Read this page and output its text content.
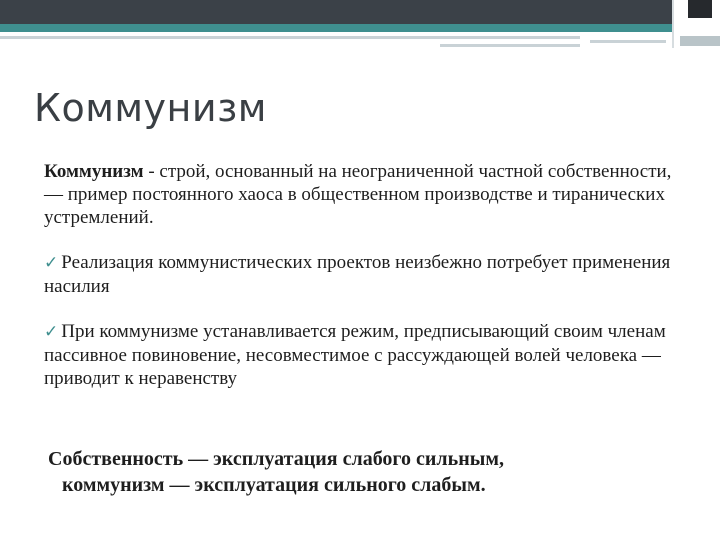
Коммунизм

Коммунизм - строй, основанный на неограниченной частной собственности, — пример постоянного хаоса в общественном производстве и тиранических устремлений.

✓ Реализация коммунистических проектов неизбежно потребует применения насилия

✓ При коммунизме устанавливается режим, предписывающий своим членам пассивное повиновение, несовместимое с рассуждающей волей человека — приводит к неравенству

Собственность — эксплуатация слабого сильным,
коммунизм — эксплуатация сильного слабым.
